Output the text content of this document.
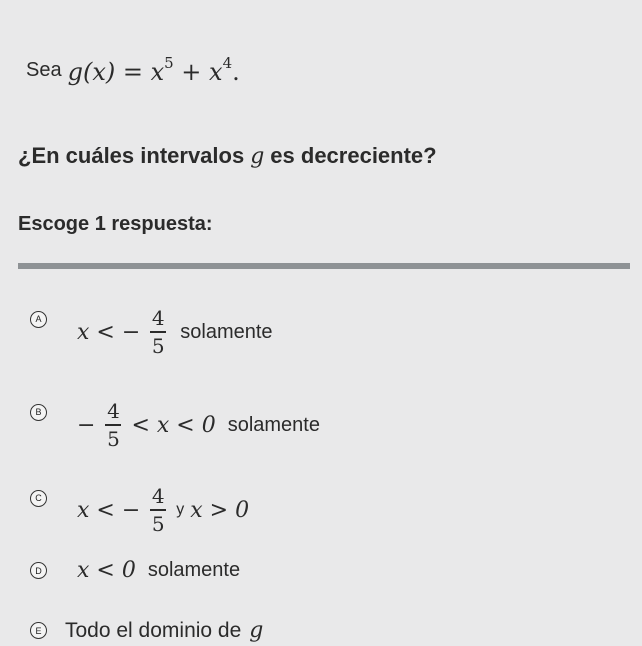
Sea $g(x) = x^5 + x^4$.
¿En cuáles intervalos g es decreciente?
Escoge 1 respuesta:
A
x < − $\frac{4}{5}$ solamente
B
− $\frac{4}{5} < x < 0$ solamente
C x < − $\frac{4}{5}$ y x > 0
D x < 0 solamente
E Todo el dominio de g
